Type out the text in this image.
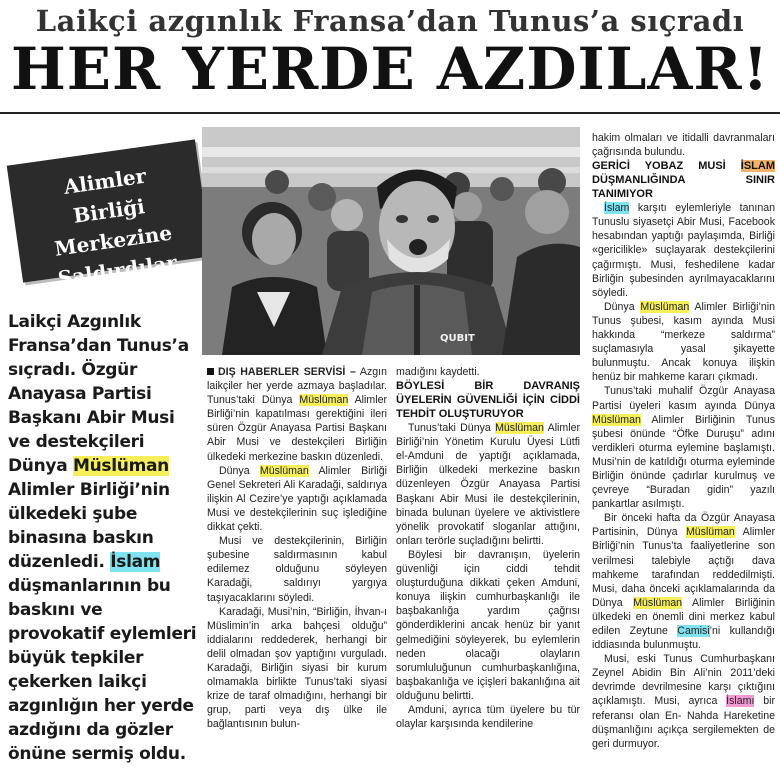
Laikçi azgınlık Fransa’dan Tunus’a sıçradı
HER YERDE AZDILAR!
Alimler
Birliği Merkezine
Saldırdılar
QUBIT
Laikçi Azgınlık Fransa’dan Tunus’a sıçradı. Özgür Anayasa Partisi Başkanı Abir Musi ve destekçileri Dünya Müslüman Alimler Birliği’nin ülkedeki şube binasına baskın düzenledi. İslam düşmanlarının bu baskını ve provokatif eylemleri büyük tepkiler çekerken laikçi azgınlığın her yerde azdığını da gözler önüne sermiş oldu.

DIŞ HABERLER SERVİSİ – Azgın laikçiler her yerde azmaya başladılar. Tunus’taki Dünya Müslüman Alimler Birliği’nin kapatılması gerektiğini ileri süren Özgür Anayasa Partisi Başkanı Abir Musi ve destekçileri Birliğin ülkedeki merkezine baskın düzenledi.

Dünya Müslüman Alimler Birliği Genel Sekreteri Ali Karadaği, saldırıya ilişkin Al Cezire’ye yaptığı açıklamada Musi ve destekçilerinin suç işlediğine dikkat çekti.

Musi ve destekçilerinin, Birliğin şubesine saldırmasının kabul edilemez olduğunu söyleyen Karadaği, saldırıyı yargıya taşıyacaklarını söyledi.

Karadaği, Musi’nin, “Birliğin, İhvan-ı Müslimin’in arka bahçesi olduğu” iddialarını reddederek, herhangi bir delil olmadan şov yaptığını vurguladı. Karadaği, Birliğin siyasi bir kurum olmamakla birlikte Tunus’taki siyasi krize de taraf olmadığını, herhangi bir grup, parti veya dış ülke ile bağlantısının bulun-

madığını kaydetti.

BÖYLESİ BİR DAVRANIŞ ÜYELERİN GÜVENLİĞİ İÇİN CİDDİ TEHDİT OLUŞTURUYOR

Tunus’taki Dünya Müslüman Alimler Birliği’nin Yönetim Kurulu Üyesi Lütfi el-Amduni de yaptığı açıklamada, Birliğin ülkedeki merkezine baskın düzenleyen Özgür Anayasa Partisi Başkanı Abir Musi ile destekçilerinin, binada bulunan üyelere ve aktivistlere yönelik provokatif sloganlar attığını, onları terörle suçladığını belirtti.

Böylesi bir davranışın, üyelerin güvenliği için ciddi tehdit oluşturduğuna dikkati çeken Amduni, konuya ilişkin cumhurbaşkanlığı ile başbakanlığa yardım çağrısı gönderdiklerini ancak henüz bir yanıt gelmediğini söyleyerek, bu eylemlerin neden olacağı olayların sorumluluğunun cumhurbaşkanlığına, başbakanlığa ve içişleri bakanlığına ait olduğunu belirtti.

Amduni, ayrıca tüm üyelere bu tür olaylar karşısında kendilerine

hakim olmaları ve itidalli davranmaları çağrısında bulundu.

GERİCİ YOBAZ MUSİ İSLAM DÜŞMANLIĞINDA SINIR TANIMIYOR

İslam karşıtı eylemleriyle tanınan Tunuslu siyasetçi Abir Musi, Facebook hesabından yaptığı paylaşımda, Birliği «gericilikle» suçlayarak destekçilerini çağırmıştı. Musi, feshedilene kadar Birliğin şubesinden ayrılmayacaklarını söyledi.

Dünya Müslüman Alimler Birliği’nin Tunus şubesi, kasım ayında Musi hakkında “merkeze saldırma” suçlamasıyla yasal şikayette bulunmuştu. Ancak konuya ilişkin henüz bir mahkeme kararı çıkmadı.

Tunus’taki muhalif Özgür Anayasa Partisi üyeleri kasım ayında Dünya Müslüman Alimler Birliğinin Tunus şubesi önünde “Öfke Duruşu” adını verdikleri oturma eylemine başlamıştı. Musi’nin de katıldığı oturma eyleminde Birliğin önünde çadırlar kurulmuş ve çevreye “Buradan gidin” yazılı pankartlar asılmıştı.

Bir önceki hafta da Özgür Anayasa Partisinin, Dünya Müslüman Alimler Birliği’nin Tunus’ta faaliyetlerine son verilmesi talebiyle açtığı dava mahkeme tarafından reddedilmişti. Musi, daha önceki açıklamalarında da Dünya Müslüman Alimler Birliğinin ülkedeki en önemli dini merkez kabul edilen Zeytune Camisi’ni kullandığı iddiasında bulunmuştu.

Musi, eski Tunus Cumhurbaşkanı Zeynel Abidin Bin Ali’nin 2011’deki devrimde devrilmesine karşı çıktığını açıklamıştı. Musi, ayrıca İslamı bir referansı olan En- Nahda Hareketine düşmanlığını açıkça sergilemekten de geri durmuyor.
